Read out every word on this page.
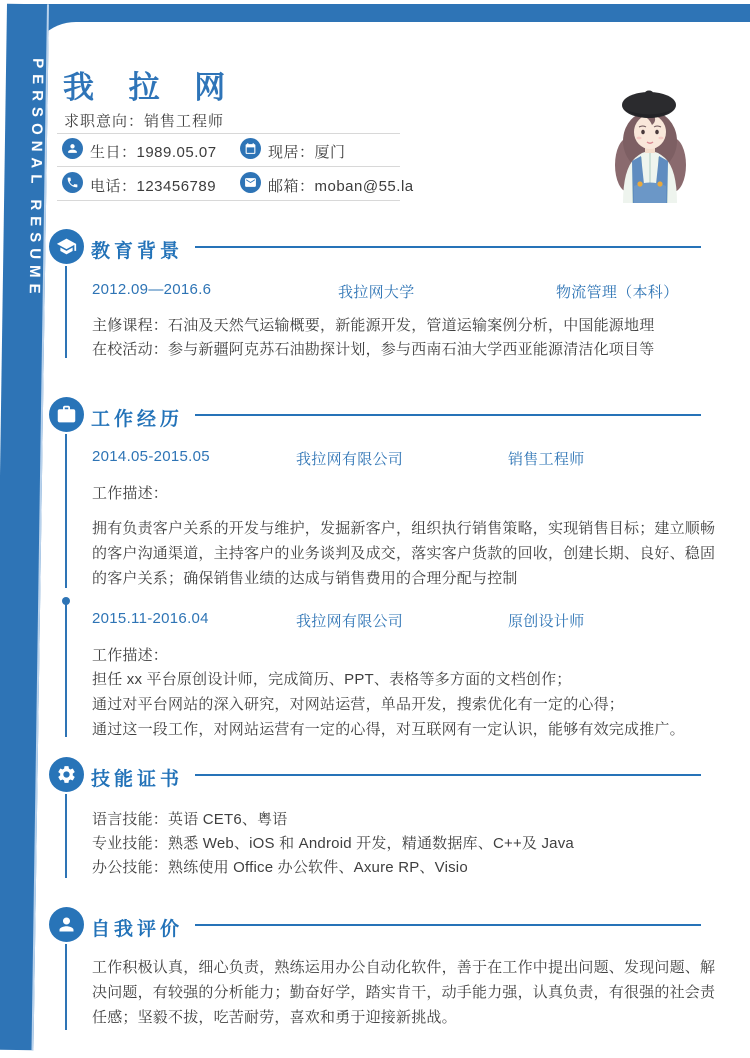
PERSONAL RESUME 我 拉 网
求职意向：销售工程师
生日：1989.05.07	现居：厦门
电话：123456789	邮箱：moban@55.la
教育背景
2012.09—2016.6	我拉网大学	物流管理（本科）
主修课程：石油及天然气运输概要，新能源开发，管道运输案例分析，中国能源地理
在校活动：参与新疆阿克苏石油勘探计划，参与西南石油大学西亚能源清洁化项目等
工作经历
2014.05-2015.05	我拉网有限公司	销售工程师
工作描述：
拥有负责客户关系的开发与维护，发掘新客户，组织执行销售策略，实现销售目标；建立顺畅的客户沟通渠道，主持客户的业务谈判及成交，落实客户货款的回收，创建长期、良好、稳固的客户关系；确保销售业绩的达成与销售费用的合理分配与控制
2015.11-2016.04	我拉网有限公司	原创设计师
工作描述：
担任 xx 平台原创设计师，完成简历、PPT、表格等多方面的文档创作；
通过对平台网站的深入研究，对网站运营，单品开发，搜索优化有一定的心得；
通过这一段工作，对网站运营有一定的心得，对互联网有一定认识，能够有效完成推广。
技能证书
语言技能：英语 CET6、粤语
专业技能：熟悉 Web、iOS 和 Android 开发，精通数据库、C++及 Java
办公技能：熟练使用 Office 办公软件、Axure RP、Visio
自我评价
工作积极认真，细心负责，熟练运用办公自动化软件，善于在工作中提出问题、发现问题、解决问题，有较强的分析能力；勤奋好学，踏实肯干，动手能力强，认真负责，有很强的社会责任感；坚毅不拔，吃苦耐劳，喜欢和勇于迎接新挑战。
